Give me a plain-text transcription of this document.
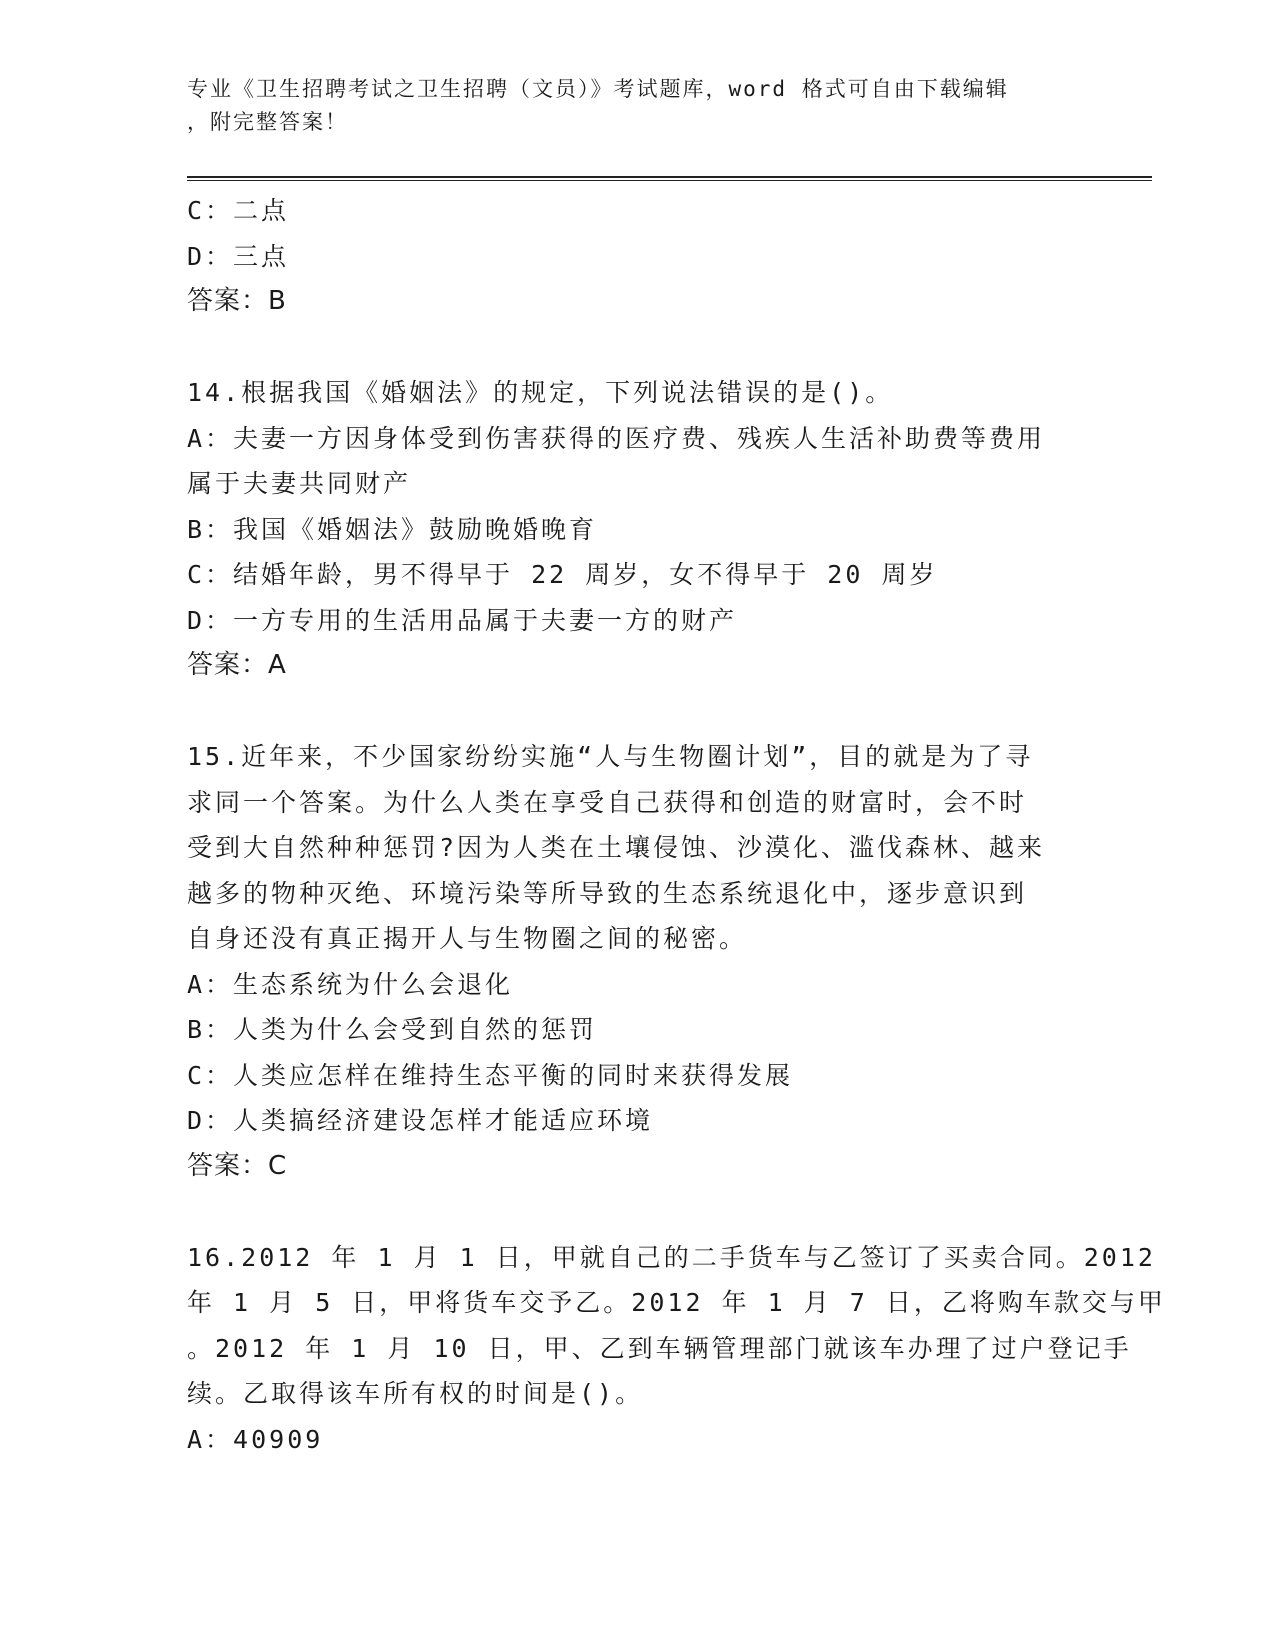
专业《卫生招聘考试之卫生招聘（文员）》考试题库，word 格式可自由下载编辑
，附完整答案！
C：二点
D：三点
答案：B
14.根据我国《婚姻法》的规定，下列说法错误的是()。
A：夫妻一方因身体受到伤害获得的医疗费、残疾人生活补助费等费用
属于夫妻共同财产
B：我国《婚姻法》鼓励晚婚晚育
C：结婚年龄，男不得早于 22 周岁，女不得早于 20 周岁
D：一方专用的生活用品属于夫妻一方的财产
答案：A
15.近年来，不少国家纷纷实施“人与生物圈计划”，目的就是为了寻
求同一个答案。为什么人类在享受自己获得和创造的财富时，会不时
受到大自然种种惩罚?因为人类在土壤侵蚀、沙漠化、滥伐森林、越来
越多的物种灭绝、环境污染等所导致的生态系统退化中，逐步意识到
自身还没有真正揭开人与生物圈之间的秘密。
A：生态系统为什么会退化
B：人类为什么会受到自然的惩罚
C：人类应怎样在维持生态平衡的同时来获得发展
D：人类搞经济建设怎样才能适应环境
答案：C
16.2012 年 1 月 1 日，甲就自己的二手货车与乙签订了买卖合同。2012
年 1 月 5 日，甲将货车交予乙。2012 年 1 月 7 日，乙将购车款交与甲
。2012 年 1 月 10 日，甲、乙到车辆管理部门就该车办理了过户登记手
续。乙取得该车所有权的时间是()。
A：40909
